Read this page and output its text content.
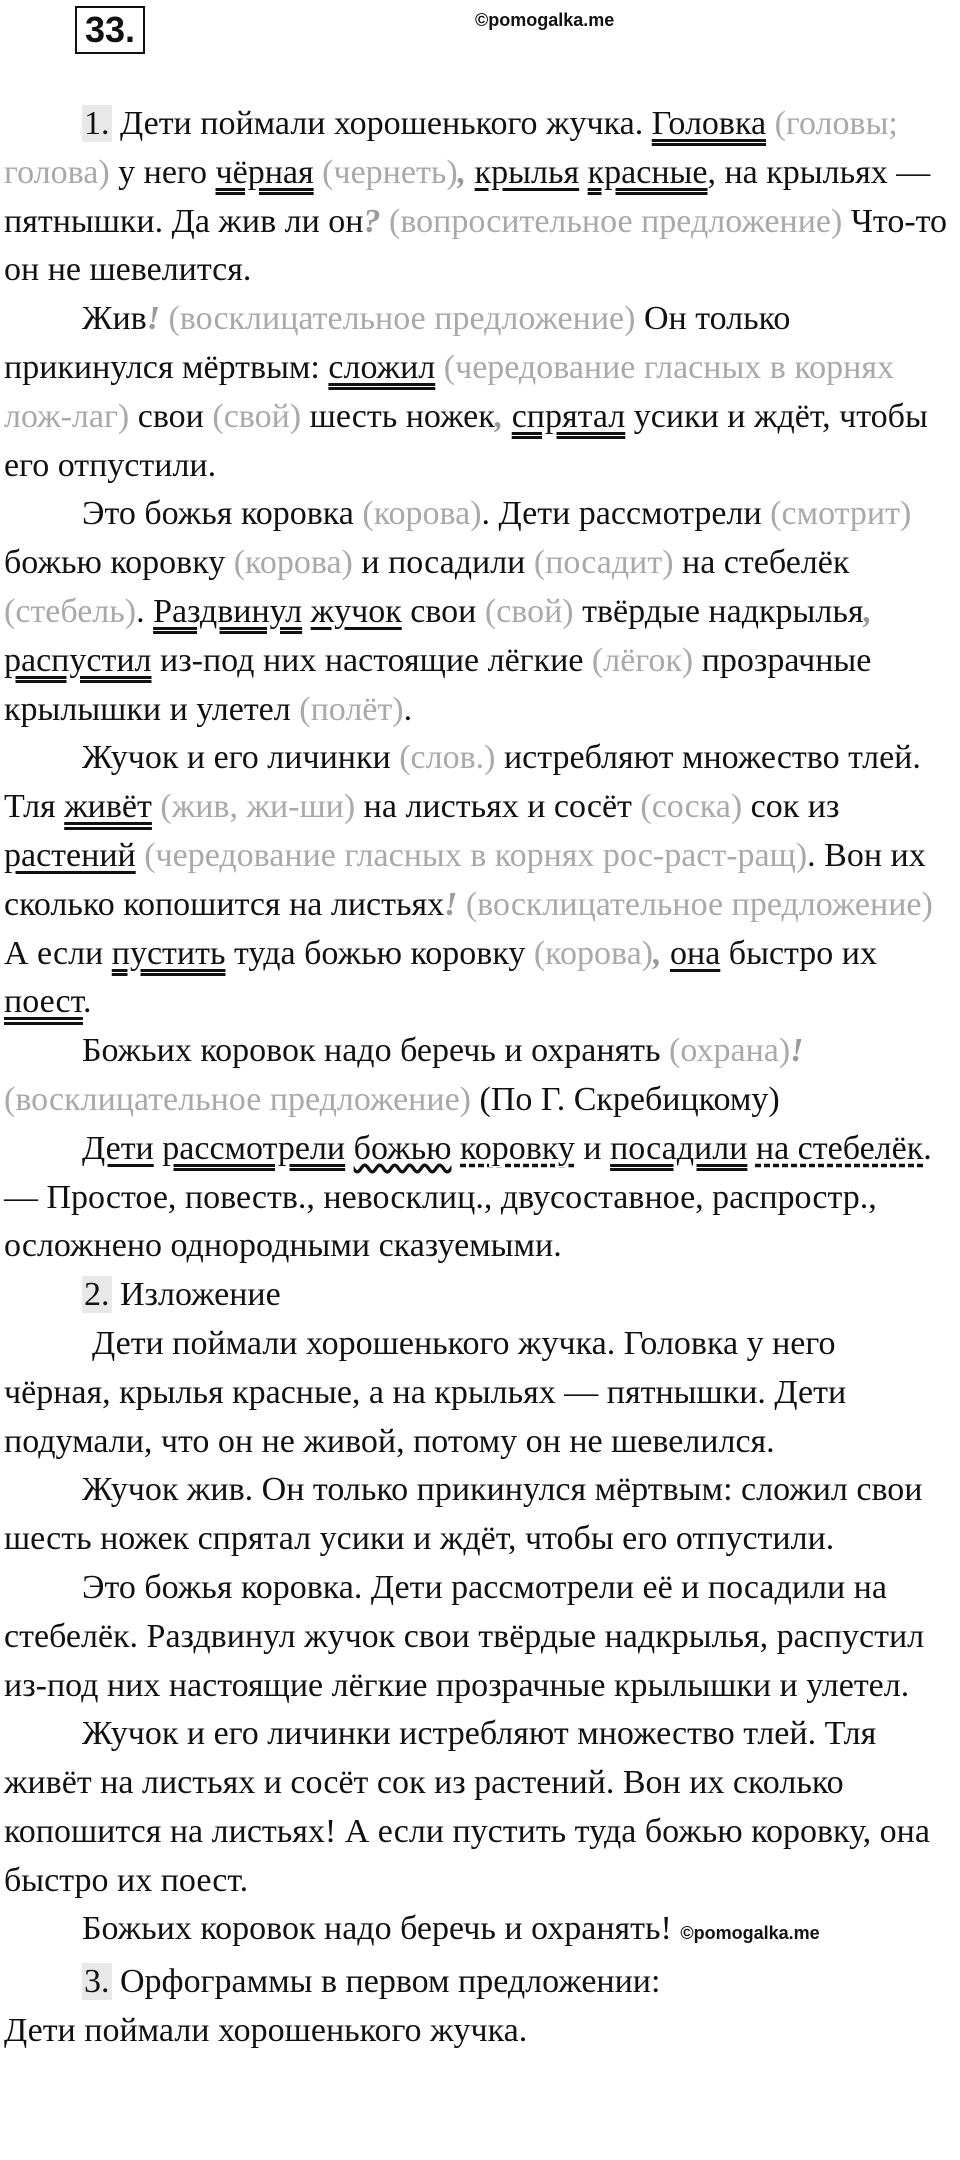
33.	©pomogalka.me

1. Дети поймали хорошенького жучка. Головка (головы; голова) у него чёрная (чернеть), крылья красные, на крыльях — пятнышки. Да жив ли он? (вопросительное предложение) Что-то он не шевелится.

Жив! (восклицательное предложение) Он только прикинулся мёртвым: сложил (чередование гласных в корнях лож-лаг) свои (свой) шесть ножек, спрятал усики и ждёт, чтобы его отпустили.

Это божья коровка (корова). Дети рассмотрели (смотрит) божью коровку (корова) и посадили (посадит) на стебелёк (стебель). Раздвинул жучок свои (свой) твёрдые надкрылья, распустил из-под них настоящие лёгкие (лёгок) прозрачные крылышки и улетел (полёт).

Жучок и его личинки (слов.) истребляют множество тлей. Тля живёт (жив, жи-ши) на листьях и сосёт (соска) сок из растений (чередование гласных в корнях рос-раст-ращ). Вон их сколько копошится на листьях! (восклицательное предложение) А если пустить туда божью коровку (корова), она быстро их поест.

Божьих коровок надо беречь и охранять (охрана)! (восклицательное предложение) (По Г. Скребицкому)

Дети рассмотрели божью коровку и посадили на стебелёк. — Простое, повеств., невосклиц., двусоставное, распростр., осложнено однородными сказуемыми.

2. Изложение

Дети поймали хорошенького жучка. Головка у него чёрная, крылья красные, а на крыльях — пятнышки. Дети подумали, что он не живой, потому он не шевелился.

Жучок жив. Он только прикинулся мёртвым: сложил свои шесть ножек спрятал усики и ждёт, чтобы его отпустили.

Это божья коровка. Дети рассмотрели её и посадили на стебелёк. Раздвинул жучок свои твёрдые надкрылья, распустил из-под них настоящие лёгкие прозрачные крылышки и улетел.

Жучок и его личинки истребляют множество тлей. Тля живёт на листьях и сосёт сок из растений. Вон их сколько копошится на листьях! А если пустить туда божью коровку, она быстро их поест.

Божьих коровок надо беречь и охранять! ©pomogalka.me

3. Орфограммы в первом предложении:

Дети поймали хорошенького жучка.
